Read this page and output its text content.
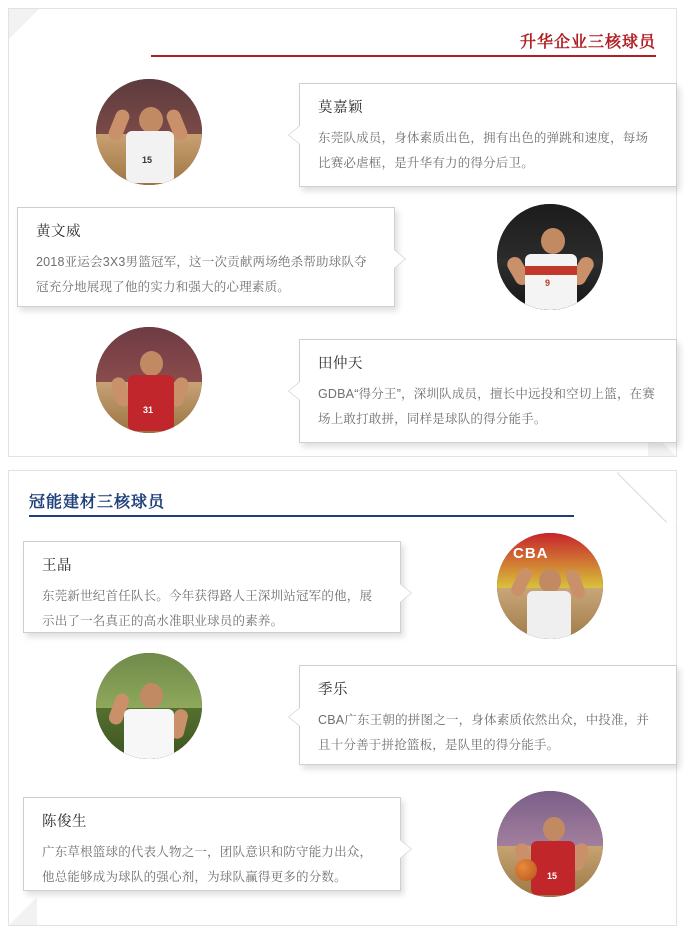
升华企业三核球员
15
莫嘉颖
东莞队成员，身体素质出色，拥有出色的弹跳和速度，每场比赛必虐框，是升华有力的得分后卫。
黄文威
2018亚运会3X3男篮冠军，这一次贡献两场绝杀帮助球队夺冠充分地展现了他的实力和强大的心理素质。	9
31
田仲天
GDBA“得分王”，深圳队成员，擅长中远投和空切上篮，在赛场上敢打敢拼，同样是球队的得分能手。
冠能建材三核球员
王晶
东莞新世纪首任队长。今年获得路人王深圳站冠军的他，展示出了一名真正的高水准职业球员的素养。
CBA
季乐
CBA广东王朝的拼图之一，身体素质依然出众，中投准，并且十分善于拼抢篮板，是队里的得分能手。
陈俊生
广东草根篮球的代表人物之一，团队意识和防守能力出众，他总能够成为球队的强心剂，为球队赢得更多的分数。	15
